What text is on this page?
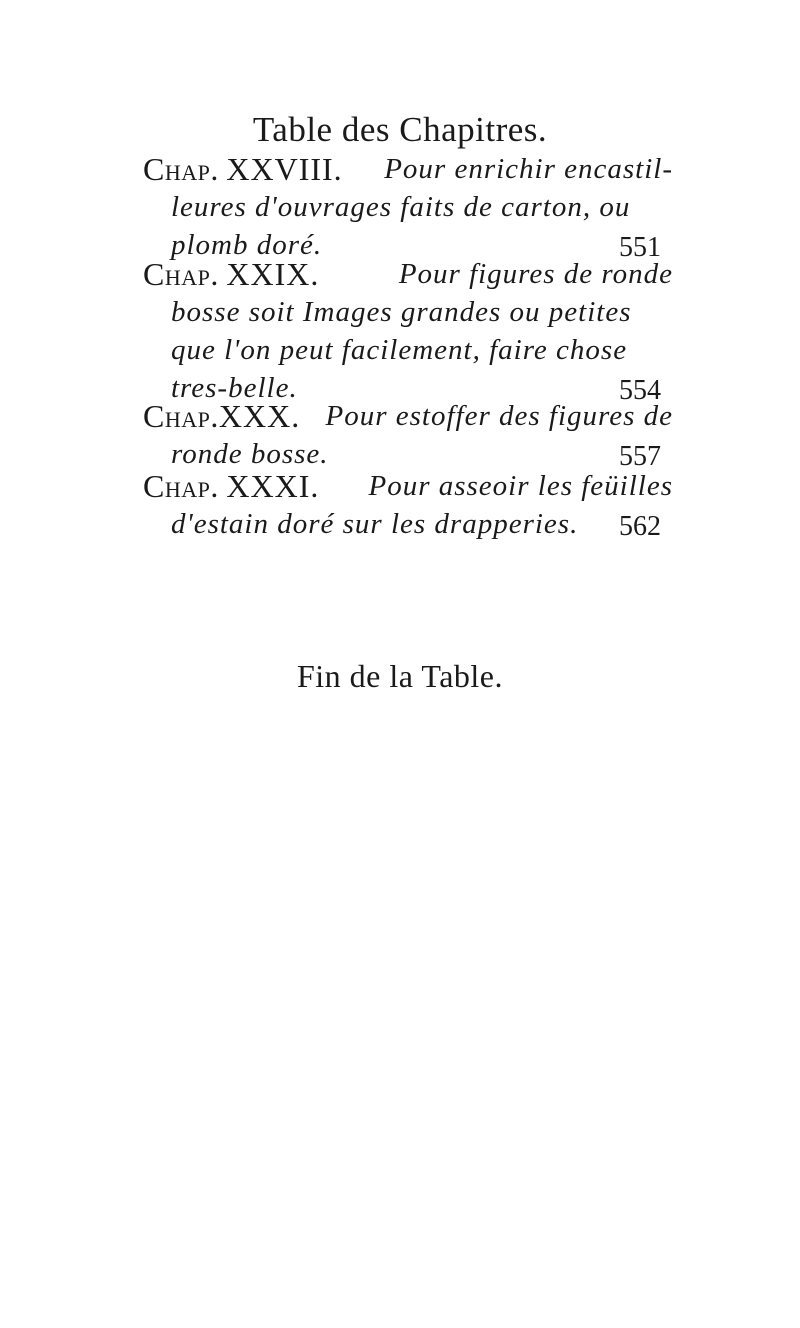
Table des Chapitres.
Chap. XXVIII. Pour enrichir encastil-
leures d'ouvrages faits de carton, ou
plomb doré.	551
Chap. XXIX.	Pour figures de ronde
bosse soit Images grandes ou petites
que l'on peut facilement, faire chose
tres-belle.	554
Chap.XXX. Pour estoffer des figures de
ronde bosse.	557
Chap. XXXI. Pour asseoir les feüilles
d'estain doré sur les drapperies. 562
Fin de la Table.
